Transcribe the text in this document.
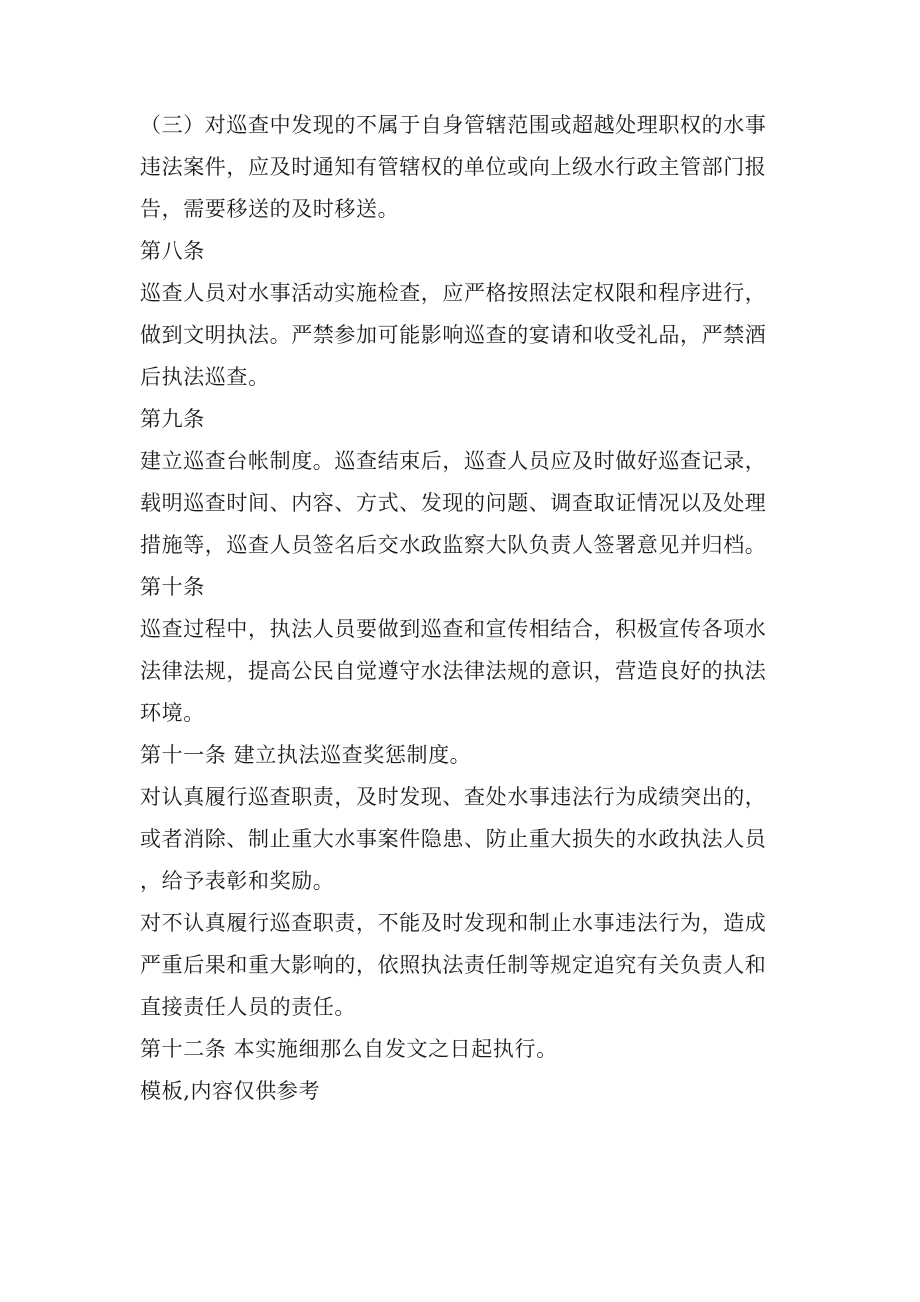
（三）对巡查中发现的不属于自身管辖范围或超越处理职权的水事
违法案件，应及时通知有管辖权的单位或向上级水行政主管部门报
告，需要移送的及时移送。
第八条
巡查人员对水事活动实施检查，应严格按照法定权限和程序进行，
做到文明执法。严禁参加可能影响巡查的宴请和收受礼品，严禁酒
后执法巡查。
第九条
建立巡查台帐制度。巡查结束后，巡查人员应及时做好巡查记录，
载明巡查时间、内容、方式、发现的问题、调查取证情况以及处理
措施等，巡查人员签名后交水政监察大队负责人签署意见并归档。
第十条
巡查过程中，执法人员要做到巡查和宣传相结合，积极宣传各项水
法律法规，提高公民自觉遵守水法律法规的意识，营造良好的执法
环境。
第十一条 建立执法巡查奖惩制度。
对认真履行巡查职责，及时发现、查处水事违法行为成绩突出的，
或者消除、制止重大水事案件隐患、防止重大损失的水政执法人员
，给予表彰和奖励。
对不认真履行巡查职责，不能及时发现和制止水事违法行为，造成
严重后果和重大影响的，依照执法责任制等规定追究有关负责人和
直接责任人员的责任。
第十二条 本实施细那么自发文之日起执行。
模板,内容仅供参考
